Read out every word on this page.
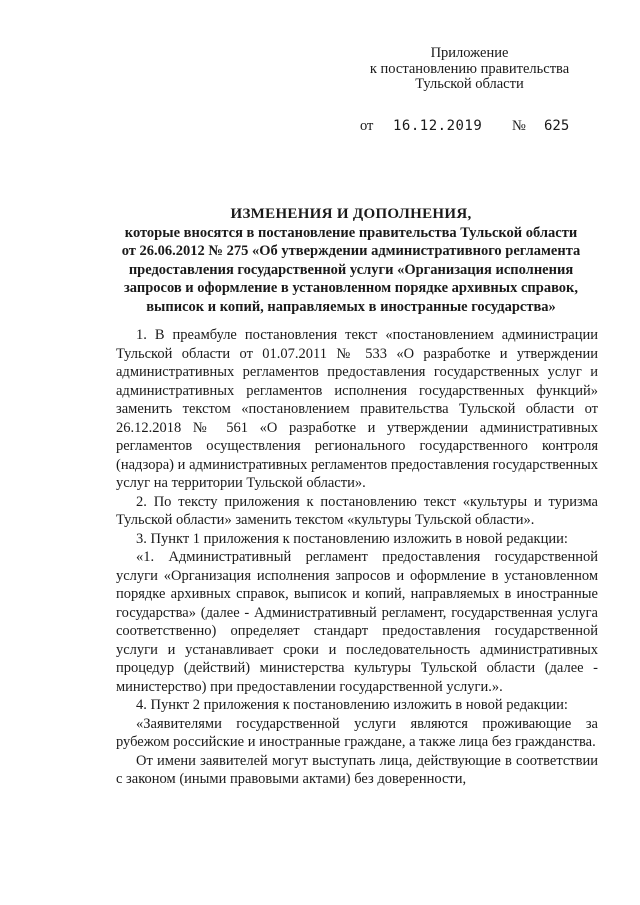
Приложение
к постановлению правительства
Тульской области
от 16.12.2019 № 625
ИЗМЕНЕНИЯ И ДОПОЛНЕНИЯ,
которые вносятся в постановление правительства Тульской области
от 26.06.2012 № 275 «Об утверждении административного регламента
предоставления государственной услуги «Организация исполнения
запросов и оформление в установленном порядке архивных справок,
выписок и копий, направляемых в иностранные государства»

1. В преамбуле постановления текст «постановлением администрации Тульской области от 01.07.2011 № 533 «О разработке и утверждении административных регламентов предоставления государственных услуг и административных регламентов исполнения государственных функций» заменить текстом «постановлением правительства Тульской области от 26.12.2018 № 561 «О разработке и утверждении административных регламентов осуществления регионального государственного контроля (надзора) и административных регламентов предоставления государственных услуг на территории Тульской области».

2. По тексту приложения к постановлению текст «культуры и туризма Тульской области» заменить текстом «культуры Тульской области».

3. Пункт 1 приложения к постановлению изложить в новой редакции:

«1. Административный регламент предоставления государственной услуги «Организация исполнения запросов и оформление в установленном порядке архивных справок, выписок и копий, направляемых в иностранные государства» (далее - Административный регламент, государственная услуга соответственно) определяет стандарт предоставления государственной услуги и устанавливает сроки и последовательность административных процедур (действий) министерства культуры Тульской области (далее - министерство) при предоставлении государственной услуги.».

4. Пункт 2 приложения к постановлению изложить в новой редакции:

«Заявителями государственной услуги являются проживающие за рубежом российские и иностранные граждане, а также лица без гражданства.

От имени заявителей могут выступать лица, действующие в соответствии с законом (иными правовыми актами) без доверенности,
